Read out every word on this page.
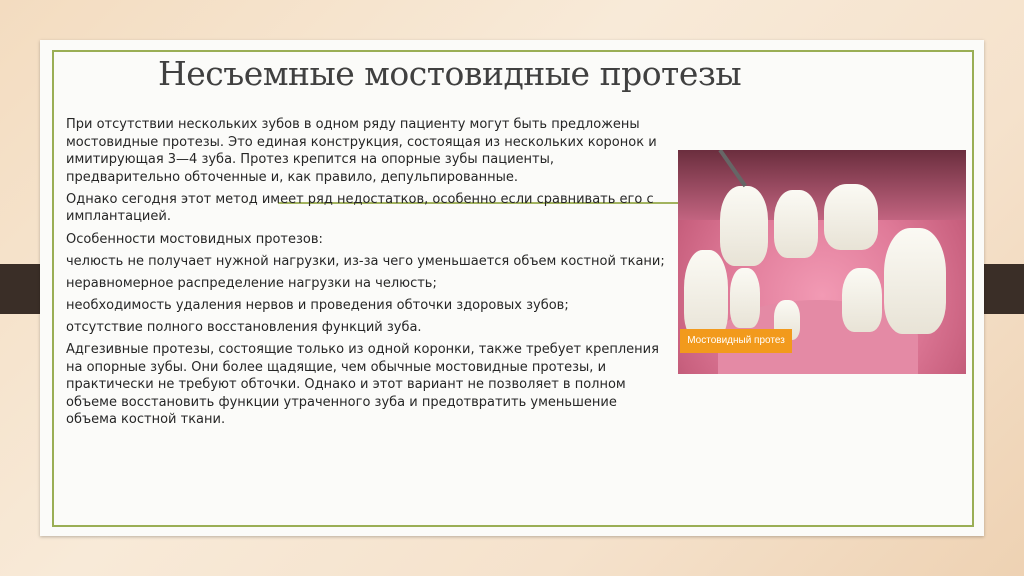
Несъемные мостовидные протезы

При отсутствии нескольких зубов в одном ряду пациенту могут быть предложены мостовидные протезы. Это единая конструкция, состоящая из нескольких коронок и имитирующая 3—4 зуба. Протез крепится на опорные зубы пациенты, предварительно обточенные и, как правило, депульпированные.

Однако сегодня этот метод имеет ряд недостатков, особенно если сравнивать его с имплантацией.

Особенности мостовидных протезов:

челюсть не получает нужной нагрузки, из-за чего уменьшается объем костной ткани;

неравномерное распределение нагрузки на челюсть;

необходимость удаления нервов и проведения обточки здоровых зубов;

отсутствие полного восстановления функций зуба.

Адгезивные протезы, состоящие только из одной коронки, также требует крепления на опорные зубы. Они более щадящие, чем обычные мостовидные протезы, и практически не требуют обточки. Однако и этот вариант не позволяет в полном объеме восстановить функции утраченного зуба и предотвратить уменьшение объема костной ткани.

Мостовидный протез
